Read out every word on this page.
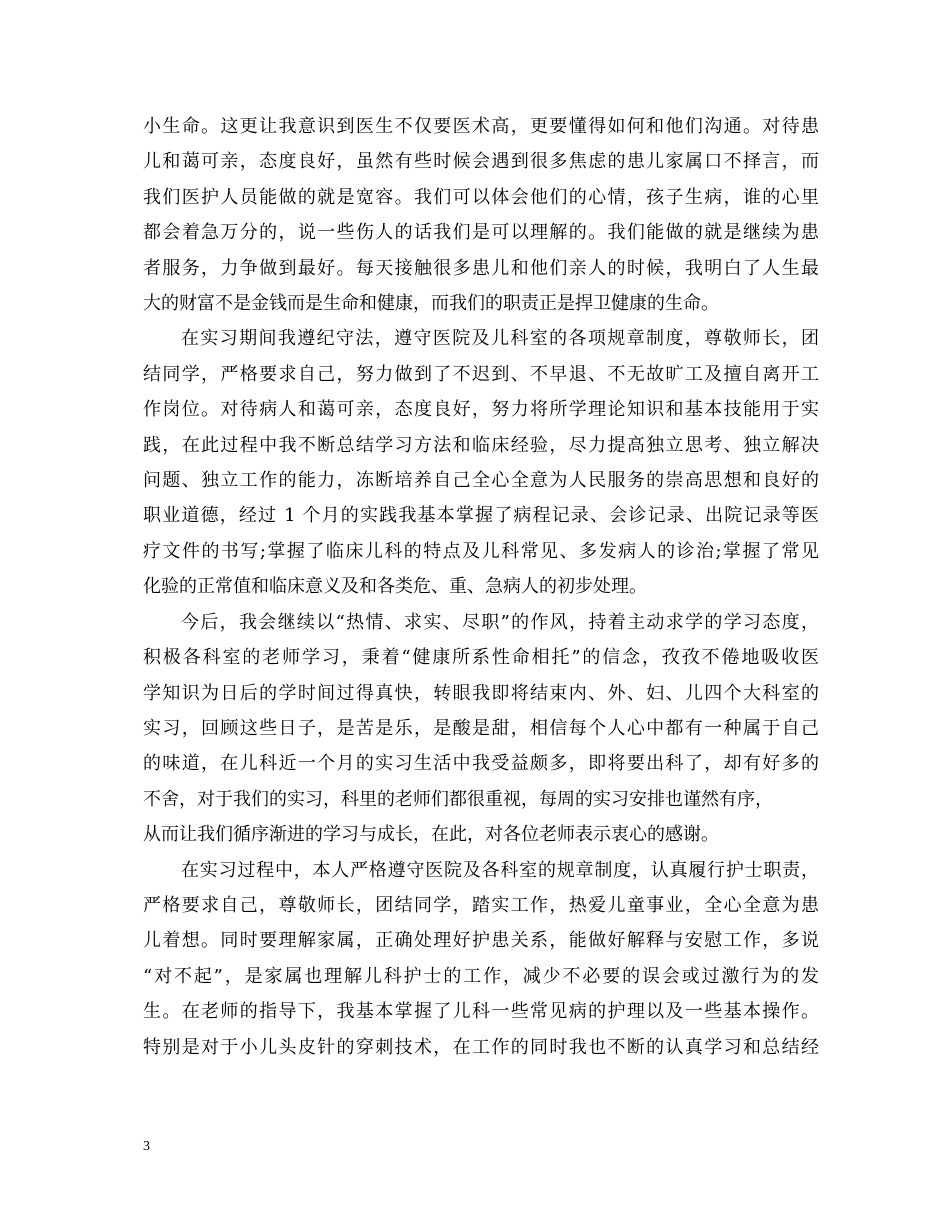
小生命。这更让我意识到医生不仅要医术高，更要懂得如何和他们沟通。对待患
儿和蔼可亲，态度良好，虽然有些时候会遇到很多焦虑的患儿家属口不择言，而
我们医护人员能做的就是宽容。我们可以体会他们的心情，孩子生病，谁的心里
都会着急万分的，说一些伤人的话我们是可以理解的。我们能做的就是继续为患
者服务，力争做到最好。每天接触很多患儿和他们亲人的时候，我明白了人生最
大的财富不是金钱而是生命和健康，而我们的职责正是捍卫健康的生命。

在实习期间我遵纪守法，遵守医院及儿科室的各项规章制度，尊敬师长，团
结同学，严格要求自己，努力做到了不迟到、不早退、不无故旷工及擅自离开工
作岗位。对待病人和蔼可亲，态度良好，努力将所学理论知识和基本技能用于实
践，在此过程中我不断总结学习方法和临床经验，尽力提高独立思考、独立解决
问题、独立工作的能力，冻断培养自己全心全意为人民服务的崇高思想和良好的
职业道德，经过 1 个月的实践我基本掌握了病程记录、会诊记录、出院记录等医
疗文件的书写;掌握了临床儿科的特点及儿科常见、多发病人的诊治;掌握了常见
化验的正常值和临床意义及和各类危、重、急病人的初步处理。

今后，我会继续以“热情、求实、尽职”的作风，持着主动求学的学习态度，
积极各科室的老师学习，秉着“健康所系性命相托”的信念，孜孜不倦地吸收医
学知识为日后的学时间过得真快，转眼我即将结束内、外、妇、儿四个大科室的
实习，回顾这些日子，是苦是乐，是酸是甜，相信每个人心中都有一种属于自己
的味道，在儿科近一个月的实习生活中我受益颇多，即将要出科了，却有好多的
不舍，对于我们的实习，科里的老师们都很重视，每周的实习安排也谨然有序，
从而让我们循序渐进的学习与成长，在此，对各位老师表示衷心的感谢。

在实习过程中，本人严格遵守医院及各科室的规章制度，认真履行护士职责，
严格要求自己，尊敬师长，团结同学，踏实工作，热爱儿童事业，全心全意为患
儿着想。同时要理解家属，正确处理好护患关系，能做好解释与安慰工作，多说
“对不起”，是家属也理解儿科护士的工作，减少不必要的误会或过激行为的发
生。在老师的指导下，我基本掌握了儿科一些常见病的护理以及一些基本操作。
特别是对于小儿头皮针的穿刺技术，在工作的同时我也不断的认真学习和总结经

3
